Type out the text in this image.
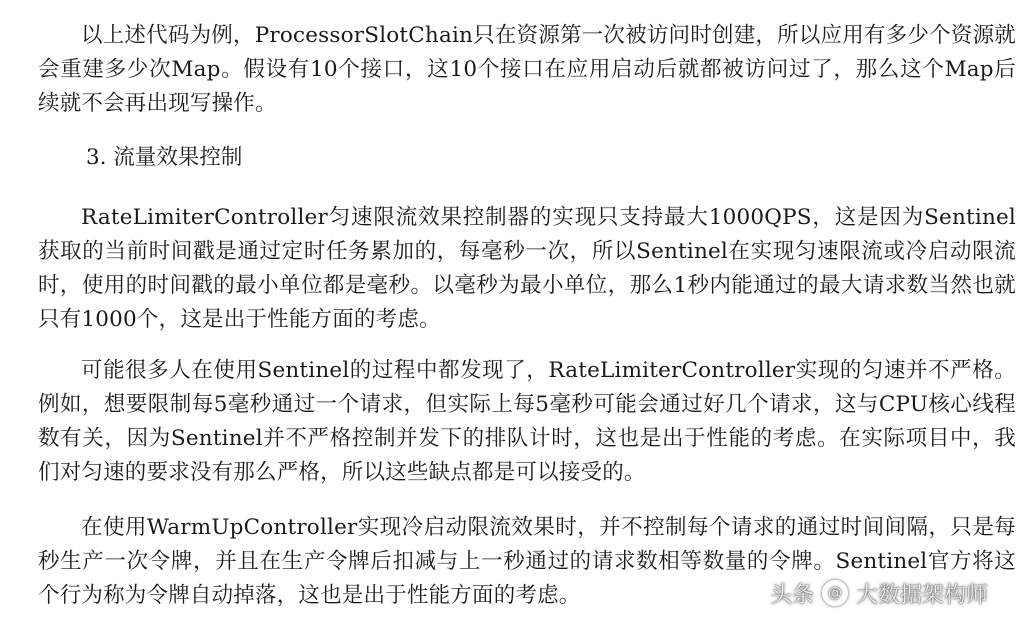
以上述代码为例，ProcessorSlotChain只在资源第一次被访问时创建，所以应用有多少个资源就会重建多少次Map。假设有10个接口，这10个接口在应用启动后就都被访问过了，那么这个Map后续就不会再出现写操作。

3. 流量效果控制

RateLimiterController匀速限流效果控制器的实现只支持最大1000QPS，这是因为Sentinel获取的当前时间戳是通过定时任务累加的，每毫秒一次，所以Sentinel在实现匀速限流或冷启动限流时，使用的时间戳的最小单位都是毫秒。以毫秒为最小单位，那么1秒内能通过的最大请求数当然也就只有1000个，这是出于性能方面的考虑。

可能很多人在使用Sentinel的过程中都发现了，RateLimiterController实现的匀速并不严格。例如，想要限制每5毫秒通过一个请求，但实际上每5毫秒可能会通过好几个请求，这与CPU核心线程数有关，因为Sentinel并不严格控制并发下的排队计时，这也是出于性能的考虑。在实际项目中，我们对匀速的要求没有那么严格，所以这些缺点都是可以接受的。

在使用WarmUpController实现冷启动限流效果时，并不控制每个请求的通过时间间隔，只是每秒生产一次令牌，并且在生产令牌后扣减与上一秒通过的请求数相等数量的令牌。Sentinel官方将这个行为称为令牌自动掉落，这也是出于性能方面的考虑。	头条	@ 大数据架构师
